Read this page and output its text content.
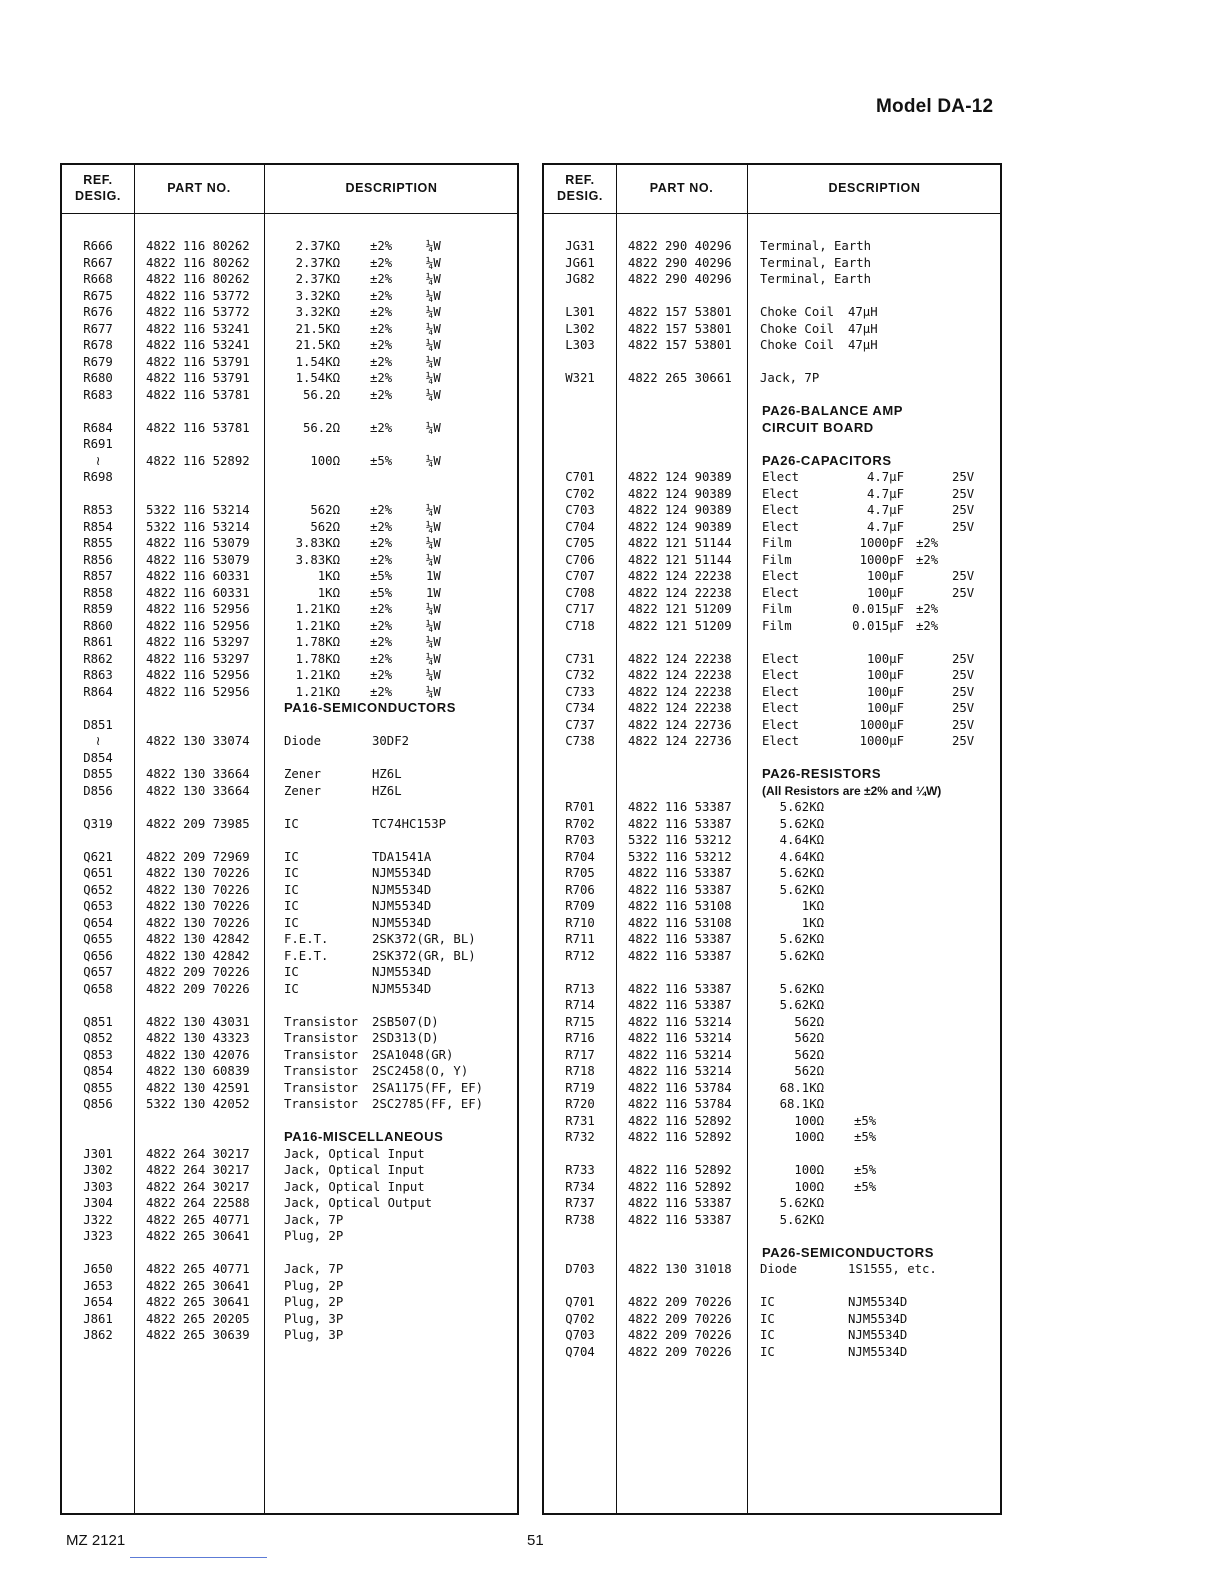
Model DA-12
REF.
DESIG.
PART NO.	DESCRIPTION
R666	4822 116 80262	2.37KΩ ±2%	¼W
R667	4822 116 80262	2.37KΩ ±2%	¼W
R668	4822 116 80262	2.37KΩ ±2%	¼W
R675	4822 116 53772	3.32KΩ ±2%	¼W
R676	4822 116 53772	3.32KΩ ±2%	¼W
R677	4822 116 53241	21.5KΩ ±2%	¼W
R678	4822 116 53241	21.5KΩ ±2%	¼W
R679	4822 116 53791	1.54KΩ ±2%	¼W
R680	4822 116 53791	1.54KΩ ±2%	¼W
R683	4822 116 53781	56.2Ω ±2%	¼W
R684	4822 116 53781	56.2Ω ±2%	¼W
R691
≀	4822 116 52892	100Ω ±5%	¼W
R698
R853	5322 116 53214	562Ω ±2%	¼W
R854	5322 116 53214	562Ω ±2%	¼W
R855	4822 116 53079	3.83KΩ ±2%	¼W
R856	4822 116 53079	3.83KΩ ±2%	¼W
R857	4822 116 60331	1KΩ ±5%	1W
R858	4822 116 60331	1KΩ ±5%	1W
R859	4822 116 52956	1.21KΩ ±2%	¼W
R860	4822 116 52956	1.21KΩ ±2%	¼W
R861	4822 116 53297	1.78KΩ ±2%	¼W
R862	4822 116 53297	1.78KΩ ±2%	¼W
R863	4822 116 52956	1.21KΩ ±2%	¼W
R864	4822 116 52956	1.21KΩ ±2%	¼W
PA16-SEMICONDUCTORS
D851
≀	4822 130 33074	Diode	30DF2
D854
D855	4822 130 33664	Zener	HZ6L
D856	4822 130 33664	Zener	HZ6L
Q319	4822 209 73985	IC	TC74HC153P
Q621	4822 209 72969	IC	TDA1541A
Q651	4822 130 70226	IC	NJM5534D
Q652	4822 130 70226	IC	NJM5534D
Q653	4822 130 70226	IC	NJM5534D
Q654	4822 130 70226	IC	NJM5534D
Q655	4822 130 42842	F.E.T.	2SK372(GR, BL)
Q656	4822 130 42842	F.E.T.	2SK372(GR, BL)
Q657	4822 209 70226	IC	NJM5534D
Q658	4822 209 70226	IC	NJM5534D
Q851	4822 130 43031	Transistor 2SB507(D)
Q852	4822 130 43323	Transistor 2SD313(D)
Q853	4822 130 42076	Transistor 2SA1048(GR)
Q854	4822 130 60839	Transistor 2SC2458(O, Y)
Q855	4822 130 42591	Transistor 2SA1175(FF, EF)
Q856	5322 130 42052	Transistor 2SC2785(FF, EF)
PA16-MISCELLANEOUS
J301	4822 264 30217	Jack, Optical Input
J302	4822 264 30217	Jack, Optical Input
J303	4822 264 30217	Jack, Optical Input
J304	4822 264 22588	Jack, Optical Output
J322	4822 265 40771	Jack, 7P
J323	4822 265 30641	Plug, 2P
J650	4822 265 40771	Jack, 7P
J653	4822 265 30641	Plug, 2P
J654	4822 265 30641	Plug, 2P
J861	4822 265 20205	Plug, 3P
J862	4822 265 30639	Plug, 3P
REF.
DESIG.
PART NO.	DESCRIPTION
JG31	4822 290 40296 Terminal, Earth
JG61	4822 290 40296 Terminal, Earth
JG82	4822 290 40296 Terminal, Earth
L301	4822 157 53801 Choke Coil 47μH
L302	4822 157 53801 Choke Coil 47μH
L303	4822 157 53801 Choke Coil 47μH
W321	4822 265 30661 Jack, 7P
PA26-BALANCE AMP
CIRCUIT BOARD
PA26-CAPACITORS
C701	4822 124 90389 Elect	4.7μF	25V
C702	4822 124 90389 Elect	4.7μF	25V
C703	4822 124 90389 Elect	4.7μF	25V
C704	4822 124 90389 Elect	4.7μF	25V
C705	4822 121 51144 Film	1000pF ±2%
C706	4822 121 51144 Film	1000pF ±2%
C707	4822 124 22238 Elect	100μF	25V
C708	4822 124 22238 Elect	100μF	25V
C717	4822 121 51209 Film	0.015μF ±2%
C718	4822 121 51209 Film	0.015μF ±2%
C731	4822 124 22238 Elect	100μF	25V
C732	4822 124 22238 Elect	100μF	25V
C733	4822 124 22238 Elect	100μF	25V
C734	4822 124 22238 Elect	100μF	25V
C737	4822 124 22736 Elect	1000μF	25V
C738	4822 124 22736 Elect	1000μF	25V
PA26-RESISTORS
(All Resistors are ±2% and ¼W)
R701	4822 116 53387	5.62KΩ
R702	4822 116 53387	5.62KΩ
R703	5322 116 53212	4.64KΩ
R704	5322 116 53212	4.64KΩ
R705	4822 116 53387	5.62KΩ
R706	4822 116 53387	5.62KΩ
R709	4822 116 53108	1KΩ
R710	4822 116 53108	1KΩ
R711	4822 116 53387	5.62KΩ
R712	4822 116 53387	5.62KΩ
R713	4822 116 53387	5.62KΩ
R714	4822 116 53387	5.62KΩ
R715	4822 116 53214	562Ω
R716	4822 116 53214	562Ω
R717	4822 116 53214	562Ω
R718	4822 116 53214	562Ω
R719	4822 116 53784	68.1KΩ
R720	4822 116 53784	68.1KΩ
R731	4822 116 52892	100Ω ±5%
R732	4822 116 52892	100Ω ±5%
R733	4822 116 52892	100Ω ±5%
R734	4822 116 52892	100Ω ±5%
R737	4822 116 53387	5.62KΩ
R738	4822 116 53387	5.62KΩ
PA26-SEMICONDUCTORS
D703	4822 130 31018 Diode	1S1555, etc.
Q701	4822 209 70226 IC	NJM5534D
Q702	4822 209 70226 IC	NJM5534D
Q703	4822 209 70226 IC	NJM5534D
Q704	4822 209 70226 IC	NJM5534D
MZ 2121	51
